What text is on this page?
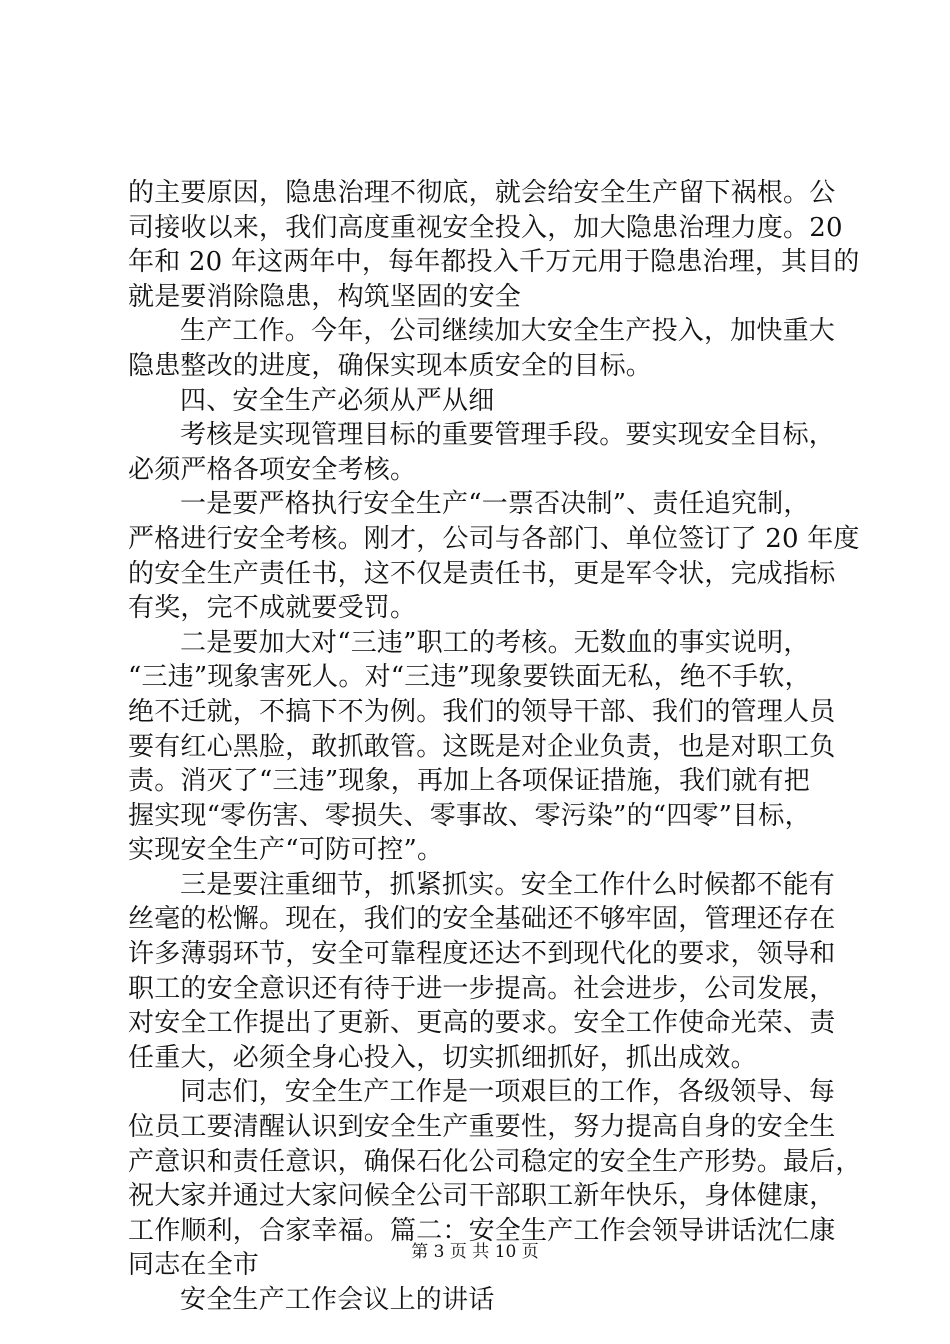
的主要原因，隐患治理不彻底，就会给安全生产留下祸根。公
司接收以来，我们高度重视安全投入，加大隐患治理力度。20
年和 20 年这两年中，每年都投入千万元用于隐患治理，其目的
就是要消除隐患，构筑坚固的安全
生产工作。今年，公司继续加大安全生产投入，加快重大
隐患整改的进度，确保实现本质安全的目标。
四、安全生产必须从严从细
考核是实现管理目标的重要管理手段。要实现安全目标，
必须严格各项安全考核。
一是要严格执行安全生产“一票否决制”、责任追究制，
严格进行安全考核。刚才，公司与各部门、单位签订了 20 年度
的安全生产责任书，这不仅是责任书，更是军令状，完成指标
有奖，完不成就要受罚。
二是要加大对“三违”职工的考核。无数血的事实说明，
“三违”现象害死人。对“三违”现象要铁面无私，绝不手软，
绝不迁就，不搞下不为例。我们的领导干部、我们的管理人员
要有红心黑脸，敢抓敢管。这既是对企业负责，也是对职工负
责。消灭了“三违”现象，再加上各项保证措施，我们就有把
握实现“零伤害、零损失、零事故、零污染”的“四零”目标，
实现安全生产“可防可控”。
三是要注重细节，抓紧抓实。安全工作什么时候都不能有
丝毫的松懈。现在，我们的安全基础还不够牢固，管理还存在
许多薄弱环节，安全可靠程度还达不到现代化的要求，领导和
职工的安全意识还有待于进一步提高。社会进步，公司发展，
对安全工作提出了更新、更高的要求。安全工作使命光荣、责
任重大，必须全身心投入，切实抓细抓好，抓出成效。
同志们，安全生产工作是一项艰巨的工作，各级领导、每
位员工要清醒认识到安全生产重要性，努力提高自身的安全生
产意识和责任意识，确保石化公司稳定的安全生产形势。最后，
祝大家并通过大家问候全公司干部职工新年快乐，身体健康，
工作顺利，合家幸福。篇二：安全生产工作会领导讲话沈仁康
同志在全市
安全生产工作会议上的讲话
第 3 页 共 10 页
